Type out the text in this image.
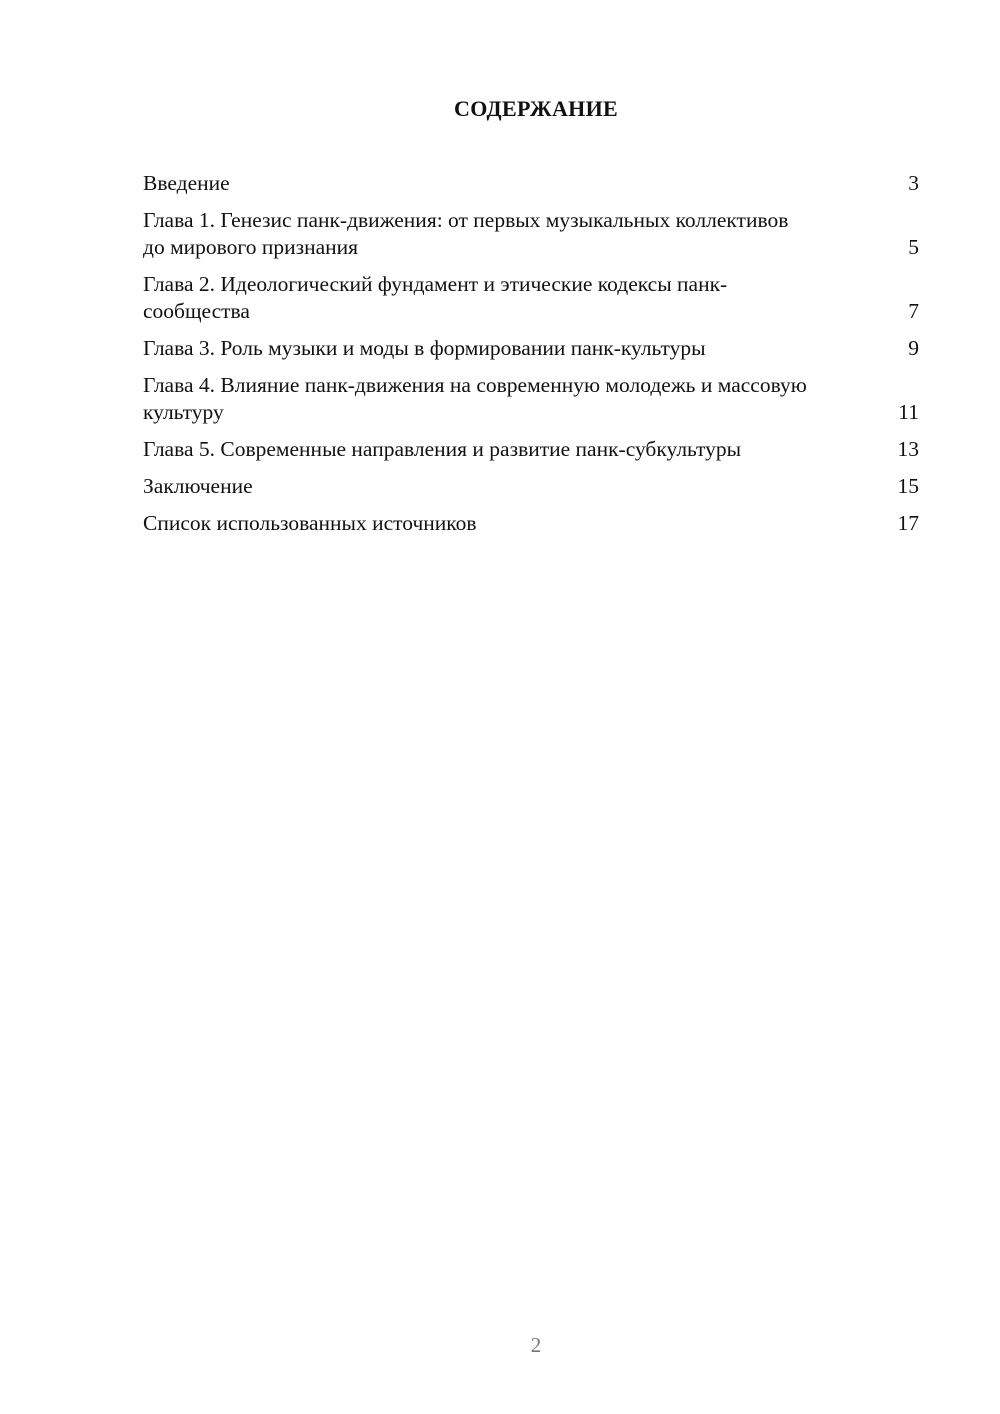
СОДЕРЖАНИЕ
Введение	3
Глава 1. Генезис панк-движения: от первых музыкальных коллективов до мирового признания	5
Глава 2. Идеологический фундамент и этические кодексы панк-сообщества	7
Глава 3. Роль музыки и моды в формировании панк-культуры	9
Глава 4. Влияние панк-движения на современную молодежь и массовую культуру	11
Глава 5. Современные направления и развитие панк-субкультуры	13
Заключение	15
Список использованных источников	17
2
